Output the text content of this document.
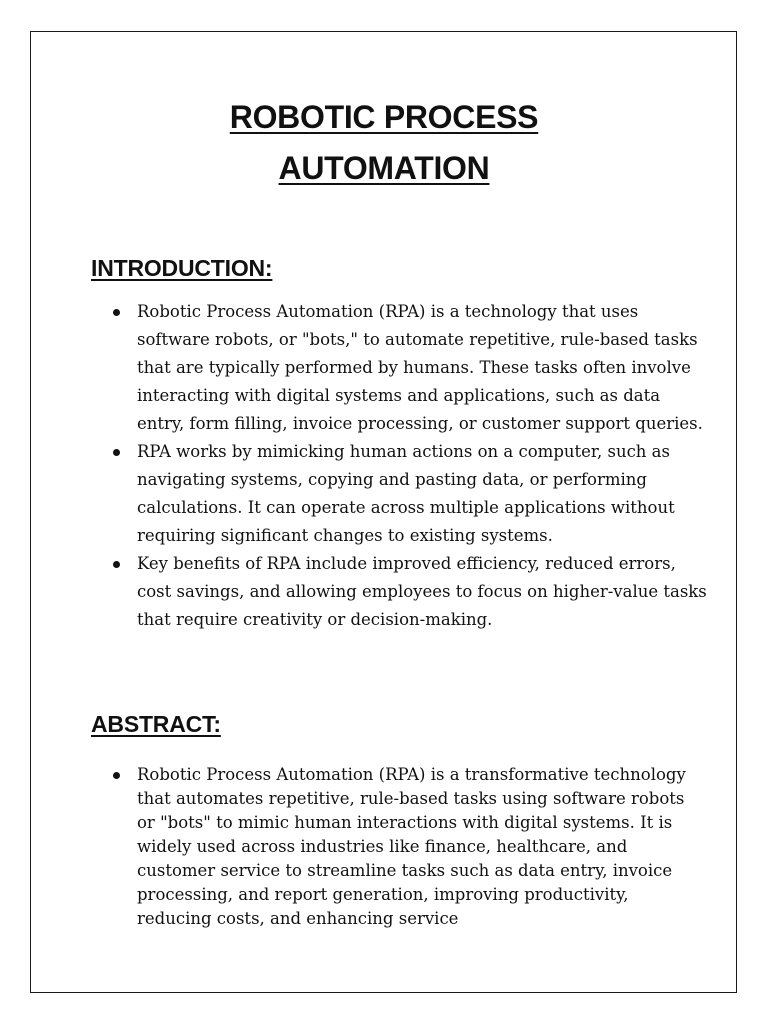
ROBOTIC PROCESS
AUTOMATION
INTRODUCTION:
Robotic Process Automation (RPA) is a technology that uses software robots, or "bots," to automate repetitive, rule-based tasks that are typically performed by humans. These tasks often involve interacting with digital systems and applications, such as data entry, form filling, invoice processing, or customer support queries.
RPA works by mimicking human actions on a computer, such as navigating systems, copying and pasting data, or performing calculations. It can operate across multiple applications without requiring significant changes to existing systems.
Key benefits of RPA include improved efficiency, reduced errors, cost savings, and allowing employees to focus on higher-value tasks that require creativity or decision-making.
ABSTRACT:
Robotic Process Automation (RPA) is a transformative technology that automates repetitive, rule-based tasks using software robots or "bots" to mimic human interactions with digital systems. It is widely used across industries like finance, healthcare, and customer service to streamline tasks such as data entry, invoice processing, and report generation, improving productivity, reducing costs, and enhancing service
